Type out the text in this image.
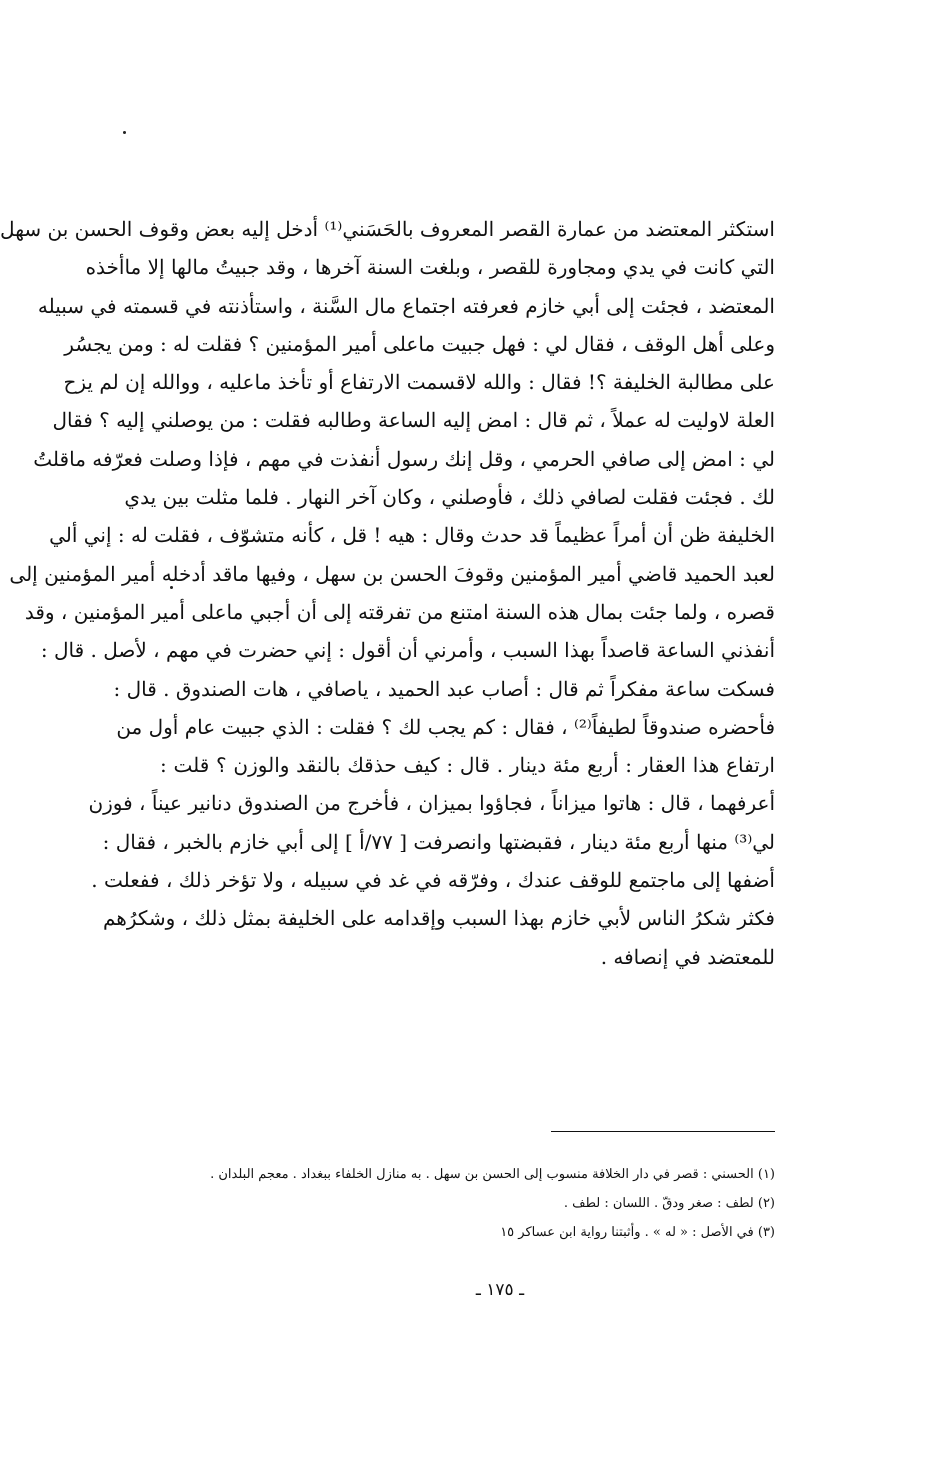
استكثر المعتضد من عمارة القصر المعروف بالحَسَني⁽¹⁾ أدخل إليه بعض وقوف الحسن بن سهل
التي كانت في يدي ومجاورة للقصر ، وبلغت السنة آخرها ، وقد جبيتُ مالها إلا ماأخذه
المعتضد ، فجئت إلى أبي خازم فعرفته اجتماع مال السَّنة ، واستأذنته في قسمته في سبيله
وعلى أهل الوقف ، فقال لي : فهل جبيت ماعلى أمير المؤمنين ؟ فقلت له : ومن يجسُر
على مطالبة الخليفة ؟! فقال : والله لاقسمت الارتفاع أو تأخذ ماعليه ، ووالله إن لم يزح
العلة لاوليت له عملاً ، ثم قال : امض إليه الساعة وطالبه فقلت : من يوصلني إليه ؟ فقال
لي : امض إلى صافي الحرمي ، وقل إنك رسول أنفذت في مهم ، فإذا وصلت فعرّفه ماقلتُ
لك . فجئت فقلت لصافي ذلك ، فأوصلني ، وكان آخر النهار . فلما مثلت بين يدي
الخليفة ظن أن أمراً عظيماً قد حدث وقال : هيه ! قل ، كأنه متشوّف ، فقلت له : إني ألي
لعبد الحميد قاضي أمير المؤمنين وقوفَ الحسن بن سهل ، وفيها ماقد أدخله أمير المؤمنين إلى
قصره ، ولما جئت بمال هذه السنة امتنع من تفرقته إلى أن أجبي ماعلى أمير المؤمنين ، وقد
أنفذني الساعة قاصداً بهذا السبب ، وأمرني أن أقول : إني حضرت في مهم ، لأصل . قال :
فسكت ساعة مفكراً ثم قال : أصاب عبد الحميد ، ياصافي ، هات الصندوق . قال :
فأحضره صندوقاً لطيفاً⁽²⁾ ، فقال : كم يجب لك ؟ فقلت : الذي جبيت عام أول من
ارتفاع هذا العقار : أربع مئة دينار . قال : كيف حذقك بالنقد والوزن ؟ قلت :
أعرفهما ، قال : هاتوا ميزاناً ، فجاؤوا بميزان ، فأخرج من الصندوق دنانير عيناً ، فوزن
لي⁽³⁾ منها أربع مئة دينار ، فقبضتها وانصرفت [ ٧٧/أ ] إلى أبي خازم بالخبر ، فقال :
أضفها إلى ماجتمع للوقف عندك ، وفرّقه في غد في سبيله ، ولا تؤخر ذلك ، ففعلت .
فكثر شكرُ الناس لأبي خازم بهذا السبب وإقدامه على الخليفة بمثل ذلك ، وشكرُهم
للمعتضد في إنصافه .
(١) الحسني : قصر في دار الخلافة منسوب إلى الحسن بن سهل . به منازل الخلفاء ببغداد . معجم البلدان .
(٢) لطف : صغر ودقّ . اللسان : لطف .
(٣) في الأصل : « له » . وأثبتنا رواية ابن عساكر ١٥
ـ ١٧٥ ـ
